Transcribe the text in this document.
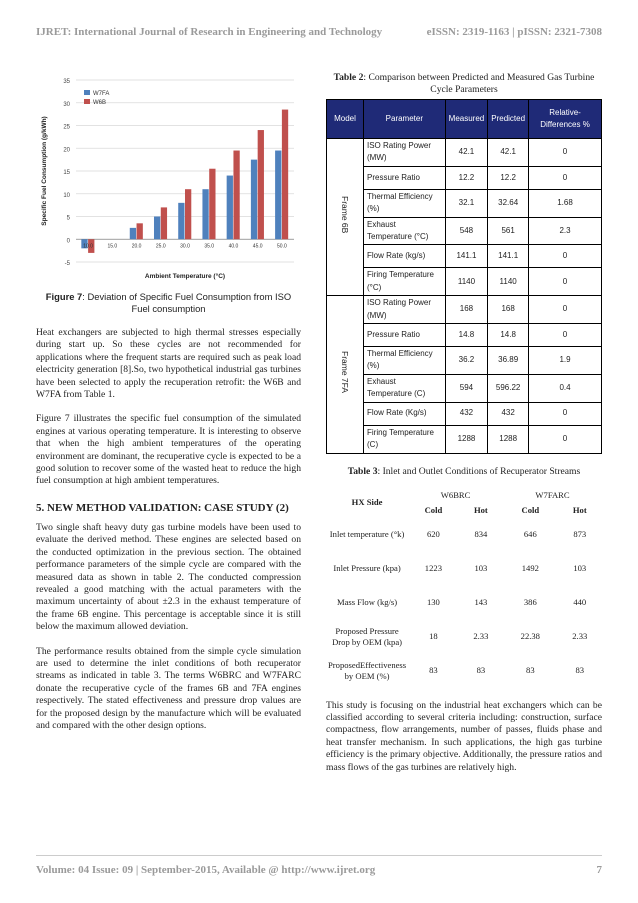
IJRET: International Journal of Research in Engineering and Technology	eISSN: 2319-1163 | pISSN: 2321-7308
-5
0
5
10
15
20
25
30
35
10.0	15.0	20.0	25.0	30.0	35.0	40.0	45.0	50.0
Ambient Temperature (°C)
Specific Fuel Consumption (g/kWh)
W7FA
W6B
Figure 7: Deviation of Specific Fuel Consumption from ISO Fuel consumption

Heat exchangers are subjected to high thermal stresses especially during start up. So these cycles are not recommended for applications where the frequent starts are required such as peak load electricity generation [8].So, two hypothetical industrial gas turbines have been selected to apply the recuperation retrofit: the W6B and W7FA from Table 1.

Figure 7 illustrates the specific fuel consumption of the simulated engines at various operating temperature. It is interesting to observe that when the high ambient temperatures of the operating environment are dominant, the recuperative cycle is expected to be a good solution to recover some of the wasted heat to reduce the high fuel consumption at high ambient temperatures.

5. NEW METHOD VALIDATION: CASE STUDY (2)

Two single shaft heavy duty gas turbine models have been used to evaluate the derived method. These engines are selected based on the conducted optimization in the previous section. The obtained performance parameters of the simple cycle are compared with the measured data as shown in table 2. The conducted compression revealed a good matching with the actual parameters with the maximum uncertainty of about ±2.3 in the exhaust temperature of the frame 6B engine. This percentage is acceptable since it is still below the maximum allowed deviation.

The performance results obtained from the simple cycle simulation are used to determine the inlet conditions of both recuperator streams as indicated in table 3. The terms W6BRC and W7FARC donate the recuperative cycle of the frames 6B and 7FA engines respectively. The stated effectiveness and pressure drop values are for the proposed design by the manufacture which will be evaluated and compared with the other design options.

Table 2: Comparison between Predicted and Measured Gas Turbine Cycle Parameters
Model	Parameter	Measured	Predicted	Relative-Differences %
Frame 6B	ISO Rating Power (MW)	42.1	42.1	0
	Pressure Ratio	12.2	12.2	0
	Thermal Efficiency (%)	32.1	32.64	1.68
	Exhaust Temperature (°C)	548	561	2.3
	Flow Rate (kg/s)	141.1	141.1	0
	Firing Temperature (°C)	1140	1140	0
Frame 7FA	ISO Rating Power (MW)	168	168	0
	Pressure Ratio	14.8	14.8	0
	Thermal Efficiency (%)	36.2	36.89	1.9
	Exhaust Temperature (C)	594	596.22	0.4
	Flow Rate (Kg/s)	432	432	0
	Firing Temperature (C)	1288	1288	0
Table 3: Inlet and Outlet Conditions of Recuperator Streams
HX Side	W6BRC		W7FARC	
	Cold	Hot	Cold	Hot
Inlet temperature (°k)	620	834	646	873
Inlet Pressure (kpa)	1223	103	1492	103
Mass Flow (kg/s)	130	143	386	440
Proposed Pressure Drop by OEM (kpa)	18	2.33	22.38	2.33
ProposedEffectiveness by OEM (%)	83	83	83	83

This study is focusing on the industrial heat exchangers which can be classified according to several criteria including: construction, surface compactness, flow arrangements, number of passes, fluids phase and heat transfer mechanism. In such applications, the high gas turbine efficiency is the primary objective. Additionally, the pressure ratios and mass flows of the gas turbines are relatively high.

Volume: 04 Issue: 09 | September-2015, Available @ http://www.ijret.org	7
